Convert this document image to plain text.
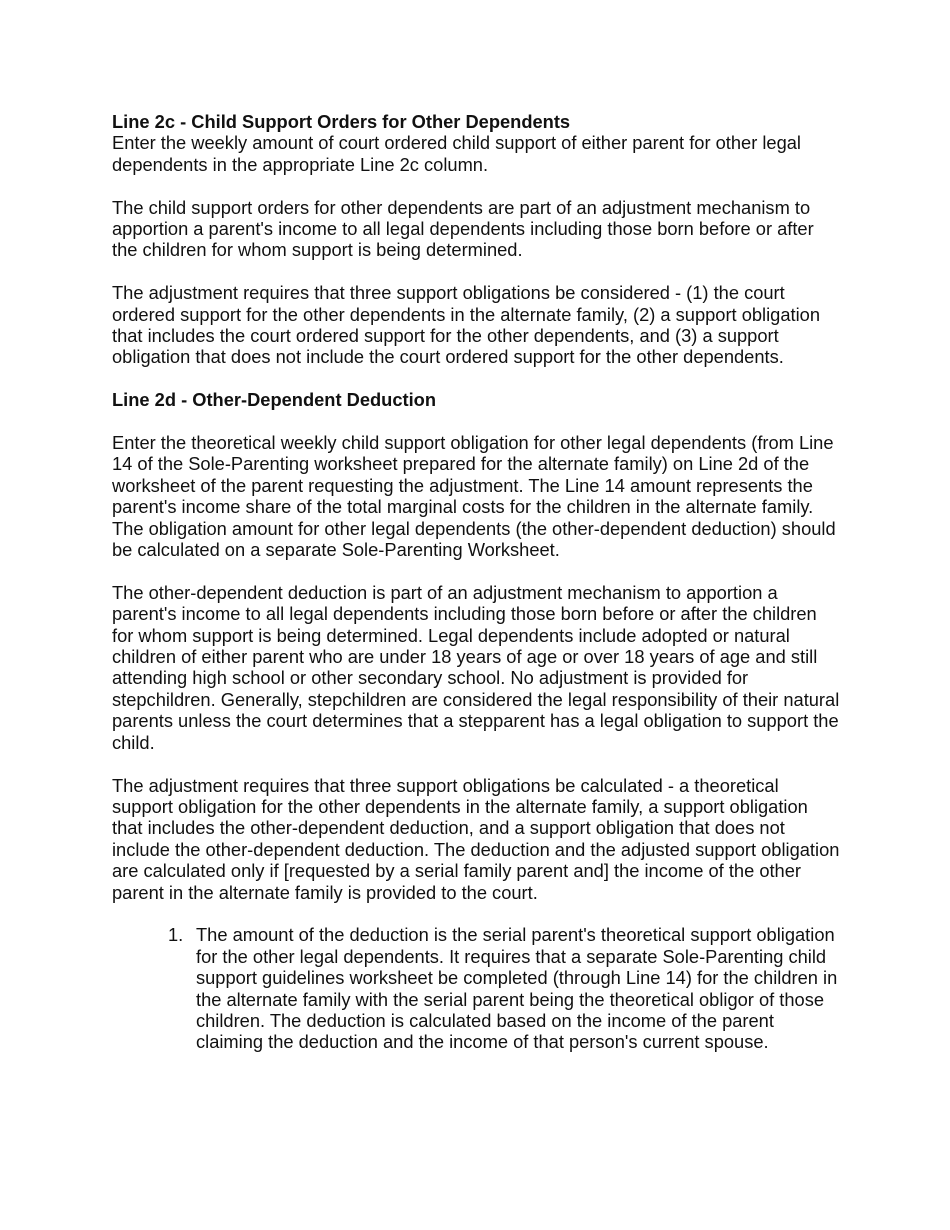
Line 2c - Child Support Orders for Other Dependents

Enter the weekly amount of court ordered child support of either parent for other legal dependents in the appropriate Line 2c column.

The child support orders for other dependents are part of an adjustment mechanism to apportion a parent's income to all legal dependents including those born before or after the children for whom support is being determined.

The adjustment requires that three support obligations be considered - (1) the court ordered support for the other dependents in the alternate family, (2) a support obligation that includes the court ordered support for the other dependents, and (3) a support obligation that does not include the court ordered support for the other dependents.

Line 2d - Other-Dependent Deduction

Enter the theoretical weekly child support obligation for other legal dependents (from Line 14 of the Sole-Parenting worksheet prepared for the alternate family) on Line 2d of the worksheet of the parent requesting the adjustment. The Line 14 amount represents the parent's income share of the total marginal costs for the children in the alternate family. The obligation amount for other legal dependents (the other-dependent deduction) should be calculated on a separate Sole-Parenting Worksheet.

The other-dependent deduction is part of an adjustment mechanism to apportion a parent's income to all legal dependents including those born before or after the children for whom support is being determined. Legal dependents include adopted or natural children of either parent who are under 18 years of age or over 18 years of age and still attending high school or other secondary school. No adjustment is provided for stepchildren. Generally, stepchildren are considered the legal responsibility of their natural parents unless the court determines that a stepparent has a legal obligation to support the child.

The adjustment requires that three support obligations be calculated - a theoretical support obligation for the other dependents in the alternate family, a support obligation that includes the other-dependent deduction, and a support obligation that does not include the other-dependent deduction. The deduction and the adjusted support obligation are calculated only if [requested by a serial family parent and] the income of the other parent in the alternate family is provided to the court.

1. The amount of the deduction is the serial parent's theoretical support obligation for the other legal dependents. It requires that a separate Sole-Parenting child support guidelines worksheet be completed (through Line 14) for the children in the alternate family with the serial parent being the theoretical obligor of those children. The deduction is calculated based on the income of the parent claiming the deduction and the income of that person's current spouse.
